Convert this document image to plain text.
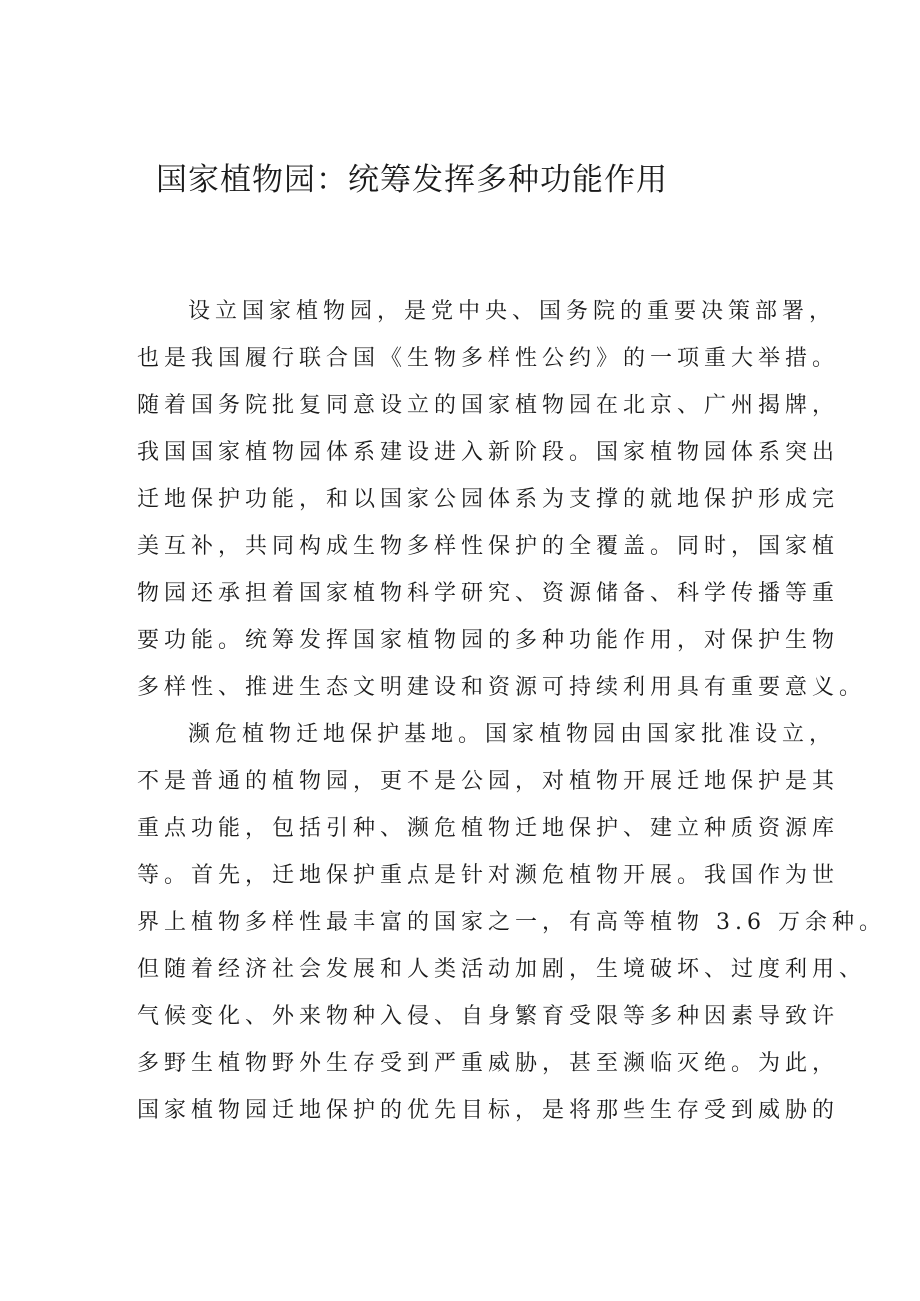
国家植物园：统筹发挥多种功能作用
设立国家植物园，是党中央、国务院的重要决策部署，
也是我国履行联合国《生物多样性公约》的一项重大举措。
随着国务院批复同意设立的国家植物园在北京、广州揭牌，
我国国家植物园体系建设进入新阶段。国家植物园体系突出
迁地保护功能，和以国家公园体系为支撑的就地保护形成完
美互补，共同构成生物多样性保护的全覆盖。同时，国家植
物园还承担着国家植物科学研究、资源储备、科学传播等重
要功能。统筹发挥国家植物园的多种功能作用，对保护生物
多样性、推进生态文明建设和资源可持续利用具有重要意义。
濒危植物迁地保护基地。国家植物园由国家批准设立，
不是普通的植物园，更不是公园，对植物开展迁地保护是其
重点功能，包括引种、濒危植物迁地保护、建立种质资源库
等。首先，迁地保护重点是针对濒危植物开展。我国作为世
界上植物多样性最丰富的国家之一，有高等植物 3.6 万余种。
但随着经济社会发展和人类活动加剧，生境破坏、过度利用、
气候变化、外来物种入侵、自身繁育受限等多种因素导致许
多野生植物野外生存受到严重威胁，甚至濒临灭绝。为此，
国家植物园迁地保护的优先目标，是将那些生存受到威胁的
